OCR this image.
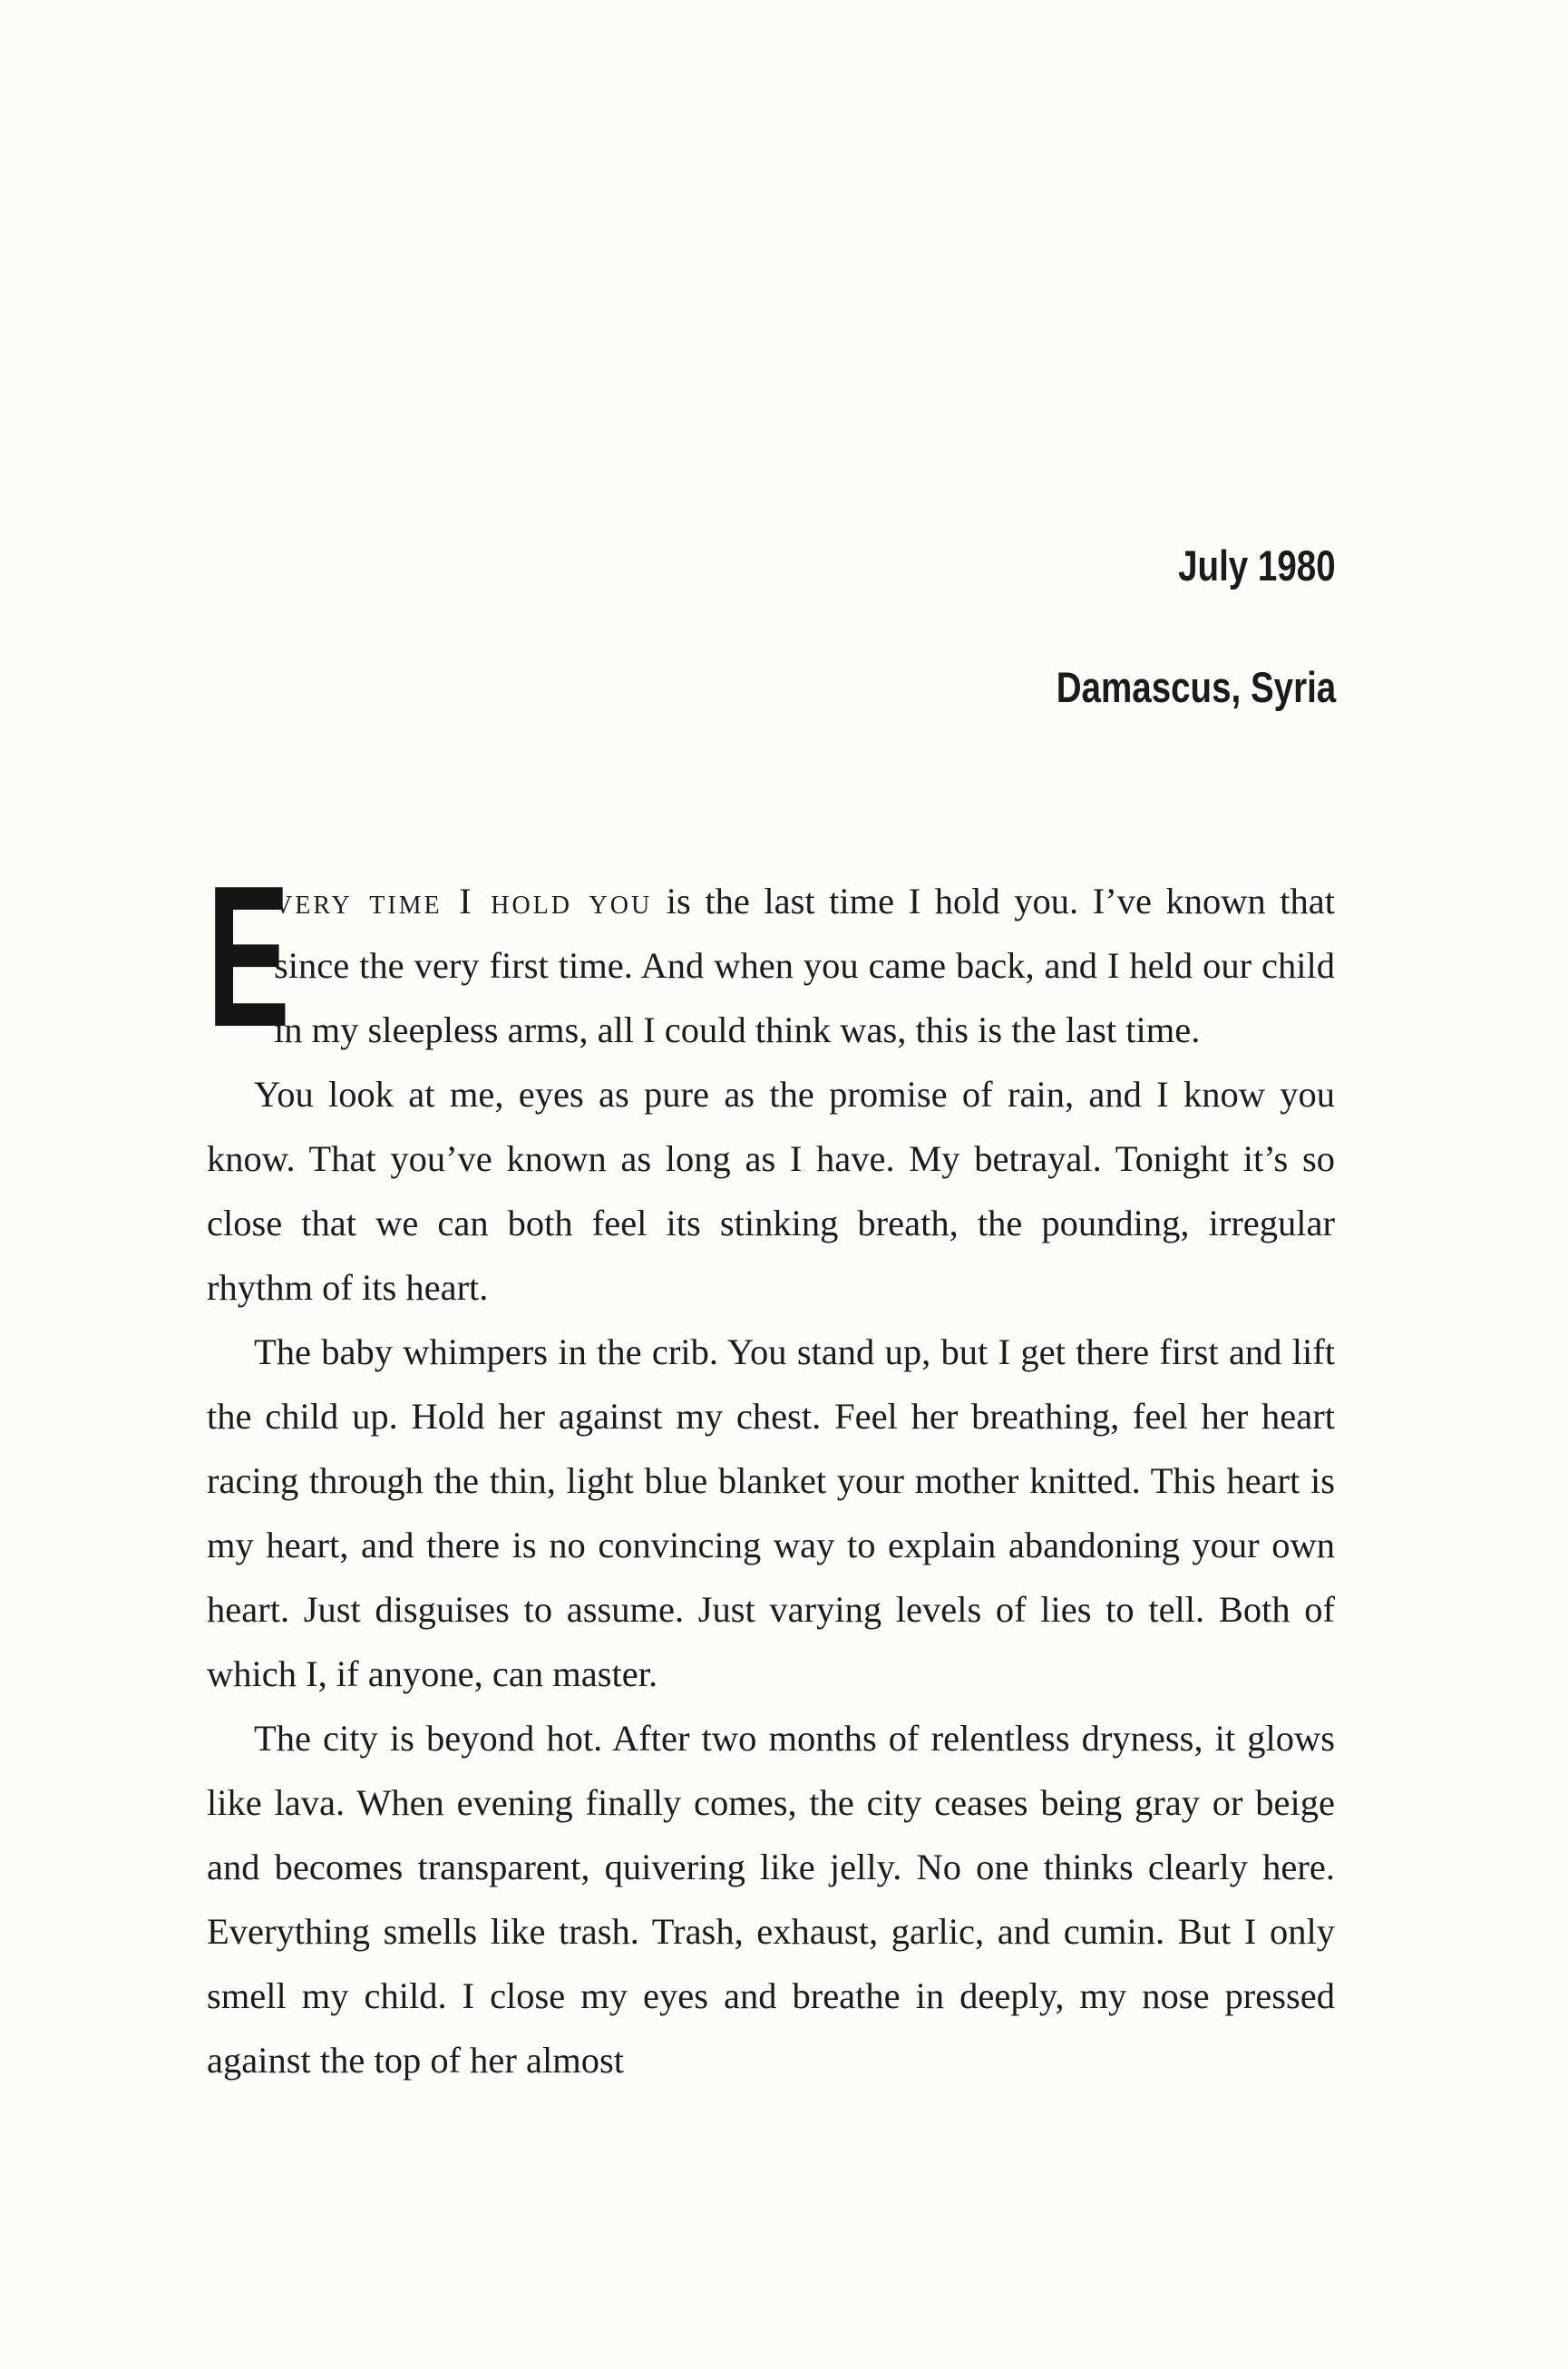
July 1980
Damascus, Syria

E
very time I hold you is the last time I hold you. I’ve known that since the very first time. And when you came back, and I held our child in my sleepless arms, all I could think was, this is the last time.

You look at me, eyes as pure as the promise of rain, and I know you know. That you’ve known as long as I have. My betrayal. Tonight it’s so close that we can both feel its stinking breath, the pounding, irregular rhythm of its heart.

The baby whimpers in the crib. You stand up, but I get there first and lift the child up. Hold her against my chest. Feel her breathing, feel her heart racing through the thin, light blue blanket your mother knitted. This heart is my heart, and there is no convincing way to explain abandoning your own heart. Just disguises to assume. Just varying levels of lies to tell. Both of which I, if anyone, can master.

The city is beyond hot. After two months of relentless dryness, it glows like lava. When evening finally comes, the city ceases being gray or beige and becomes transparent, quivering like jelly. No one thinks clearly here. Everything smells like trash. Trash, exhaust, garlic, and cumin. But I only smell my child. I close my eyes and breathe in deeply, my nose pressed against the top of her almost
